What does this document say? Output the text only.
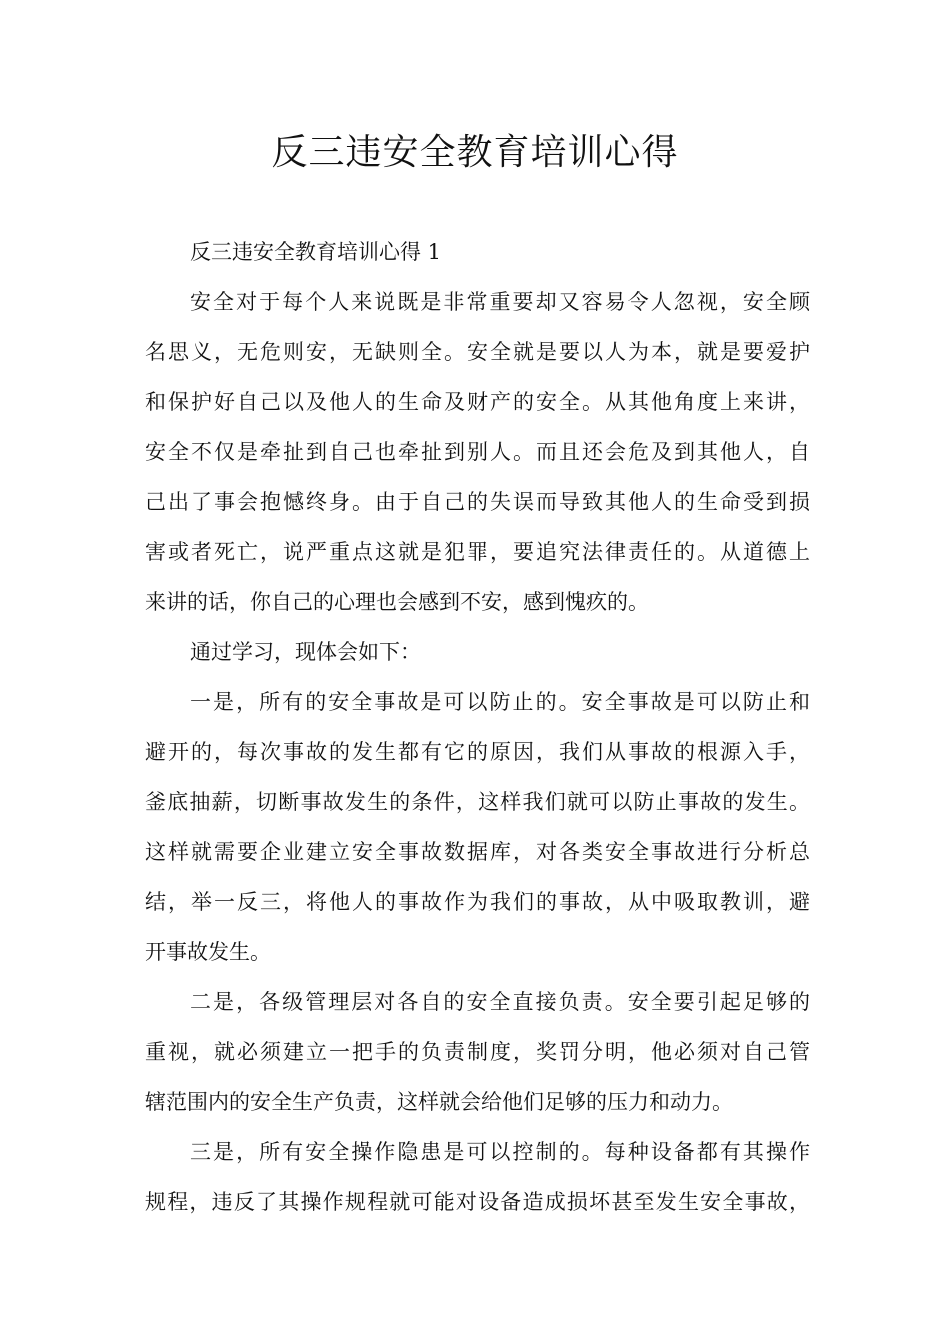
反三违安全教育培训心得
反三违安全教育培训心得 1
安全对于每个人来说既是非常重要却又容易令人忽视，安全顾
名思义，无危则安，无缺则全。安全就是要以人为本，就是要爱护
和保护好自己以及他人的生命及财产的安全。从其他角度上来讲，
安全不仅是牵扯到自己也牵扯到别人。而且还会危及到其他人，自
己出了事会抱憾终身。由于自己的失误而导致其他人的生命受到损
害或者死亡，说严重点这就是犯罪，要追究法律责任的。从道德上
来讲的话，你自己的心理也会感到不安，感到愧疚的。
通过学习，现体会如下：
一是，所有的安全事故是可以防止的。安全事故是可以防止和
避开的，每次事故的发生都有它的原因，我们从事故的根源入手，
釜底抽薪，切断事故发生的条件，这样我们就可以防止事故的发生。
这样就需要企业建立安全事故数据库，对各类安全事故进行分析总
结，举一反三，将他人的事故作为我们的事故，从中吸取教训，避
开事故发生。
二是，各级管理层对各自的安全直接负责。安全要引起足够的
重视，就必须建立一把手的负责制度，奖罚分明，他必须对自己管
辖范围内的安全生产负责，这样就会给他们足够的压力和动力。
三是，所有安全操作隐患是可以控制的。每种设备都有其操作
规程，违反了其操作规程就可能对设备造成损坏甚至发生安全事故，
